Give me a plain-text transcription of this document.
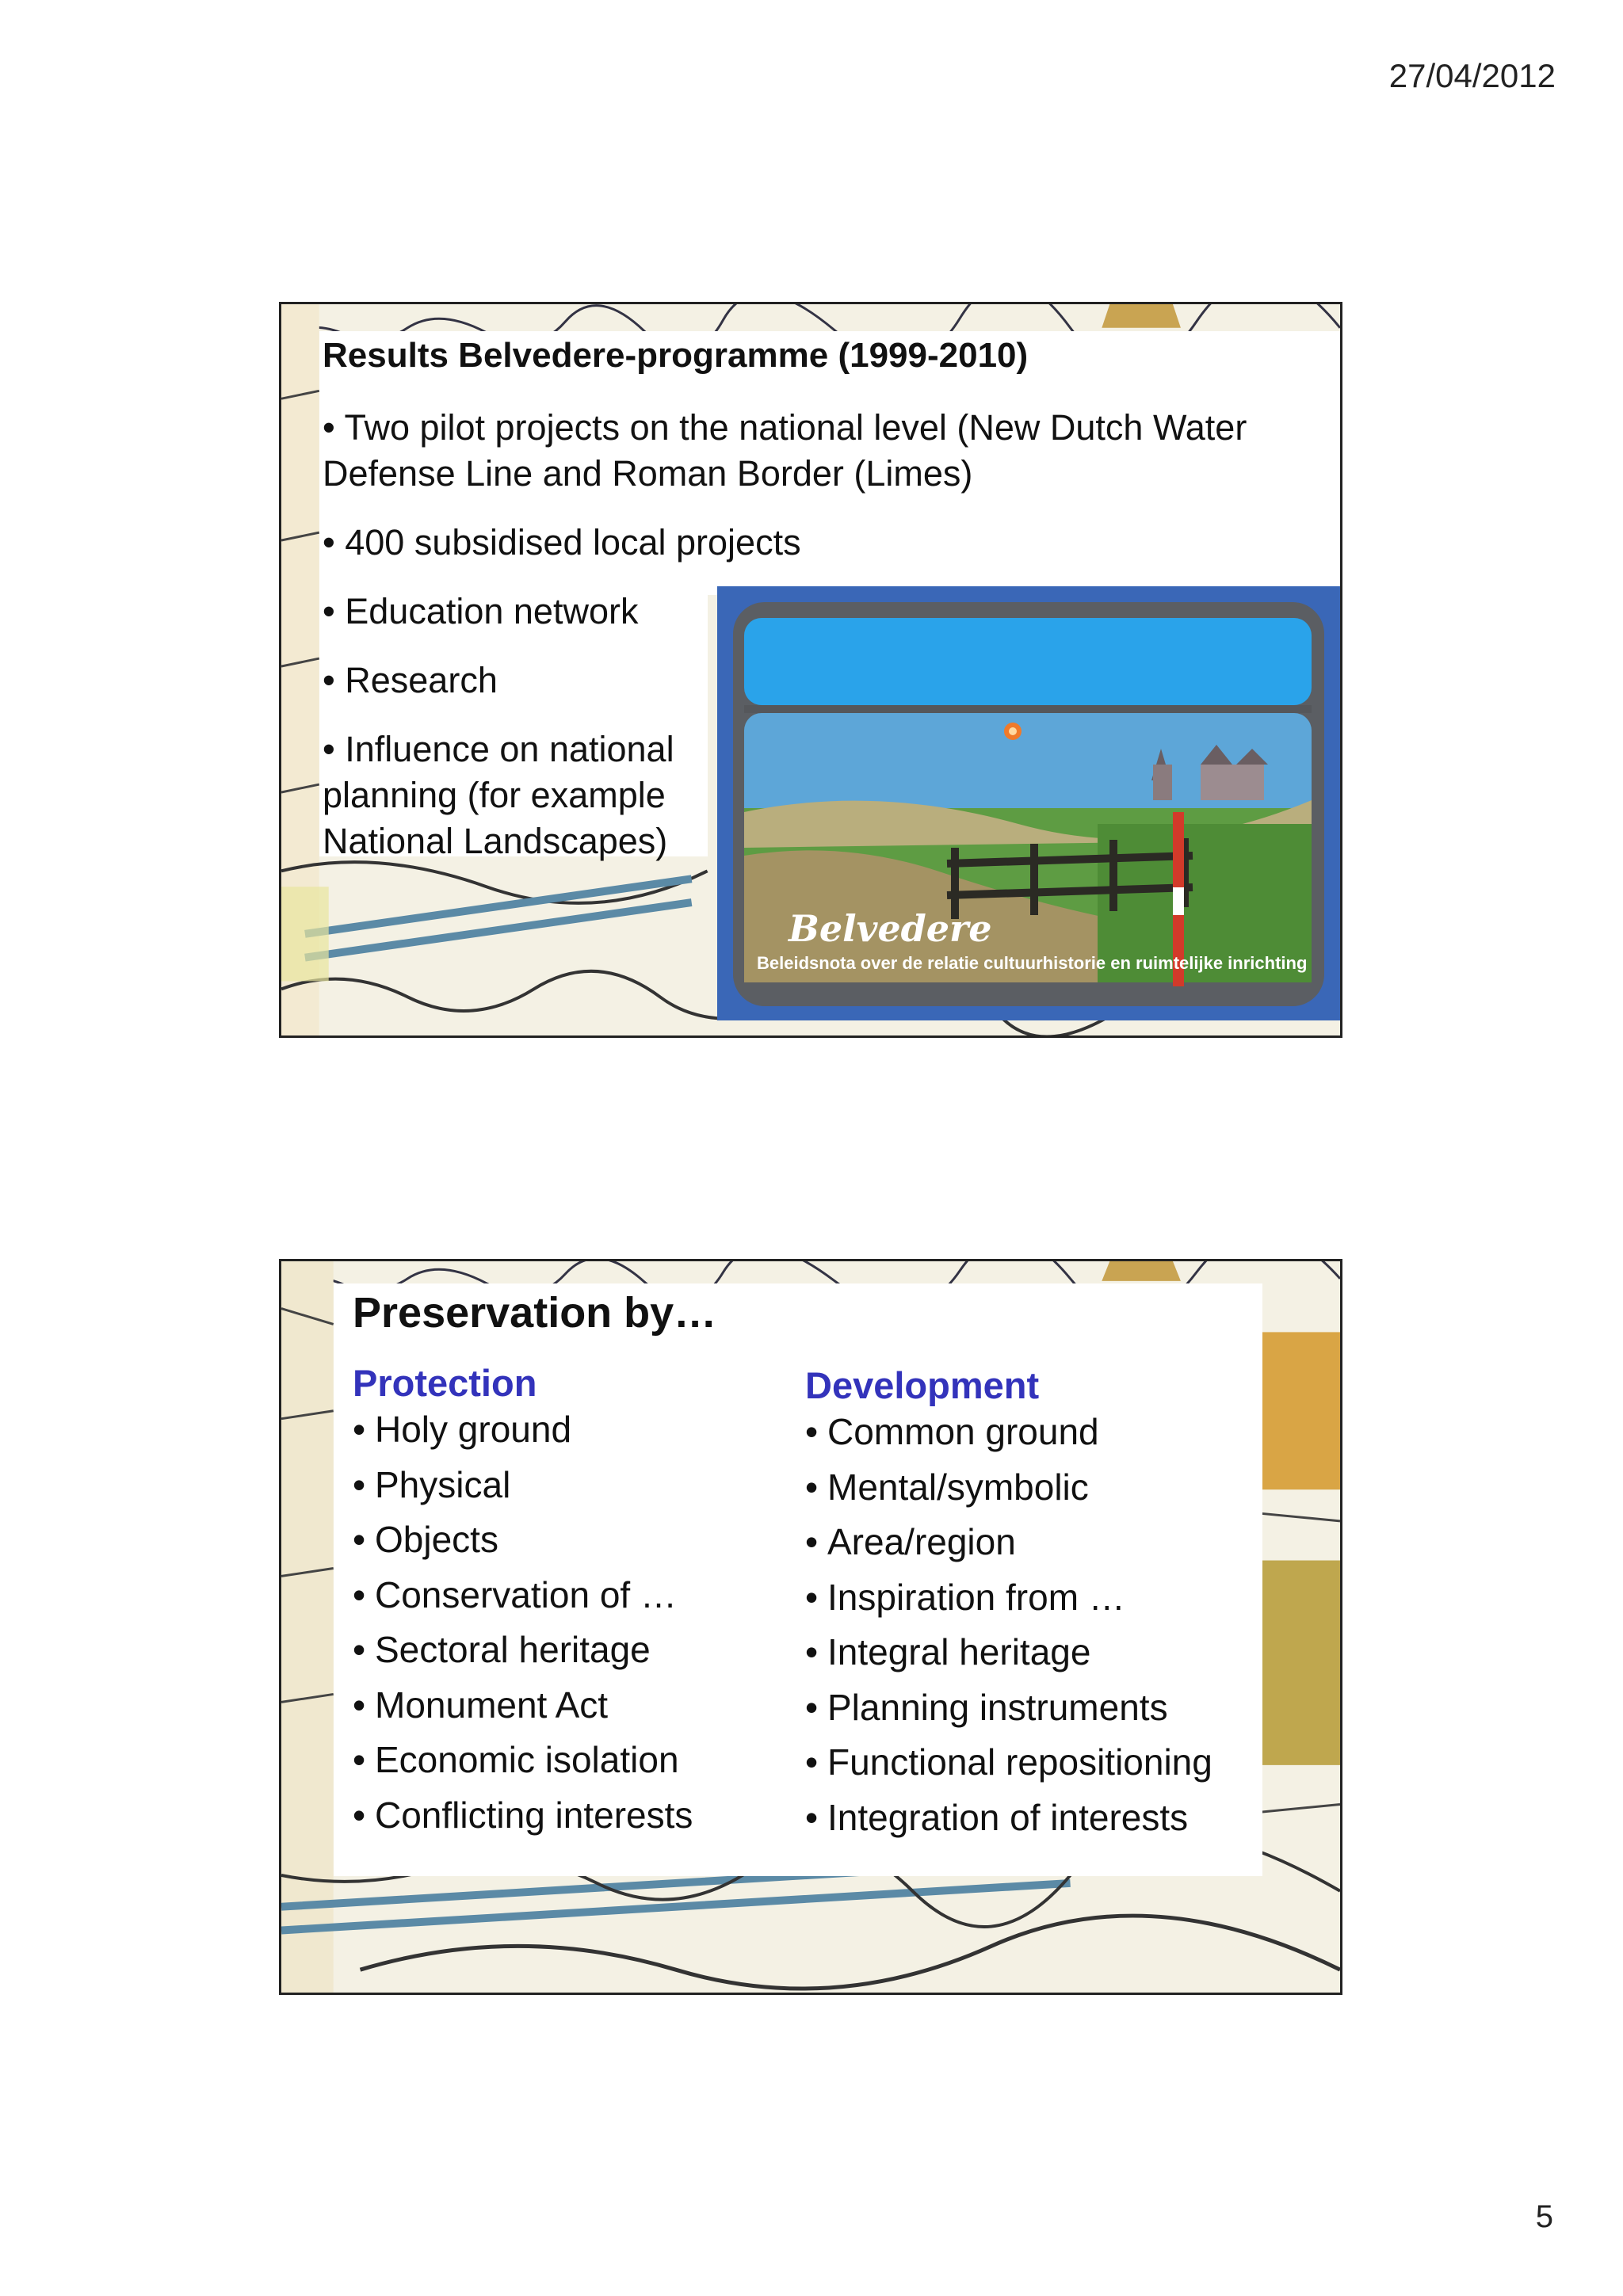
27/04/2012
Results Belvedere-programme (1999-2010)
• Two pilot projects on the national level (New Dutch Water
Defense Line and Roman Border (Limes)
• 400 subsidised local projects
• Education network
• Research
• Influence on national
planning (for example
National Landscapes)
Belvedere
Beleidsnota over de relatie cultuurhistorie en ruimtelijke inrichting
Preservation by…
Protection
• Holy ground
• Physical
• Objects
• Conservation of …
• Sectoral heritage
• Monument Act
• Economic isolation
• Conflicting interests
Development
• Common ground
• Mental/symbolic
• Area/region
• Inspiration from …
• Integral heritage
• Planning instruments
• Functional repositioning
• Integration of interests
5
